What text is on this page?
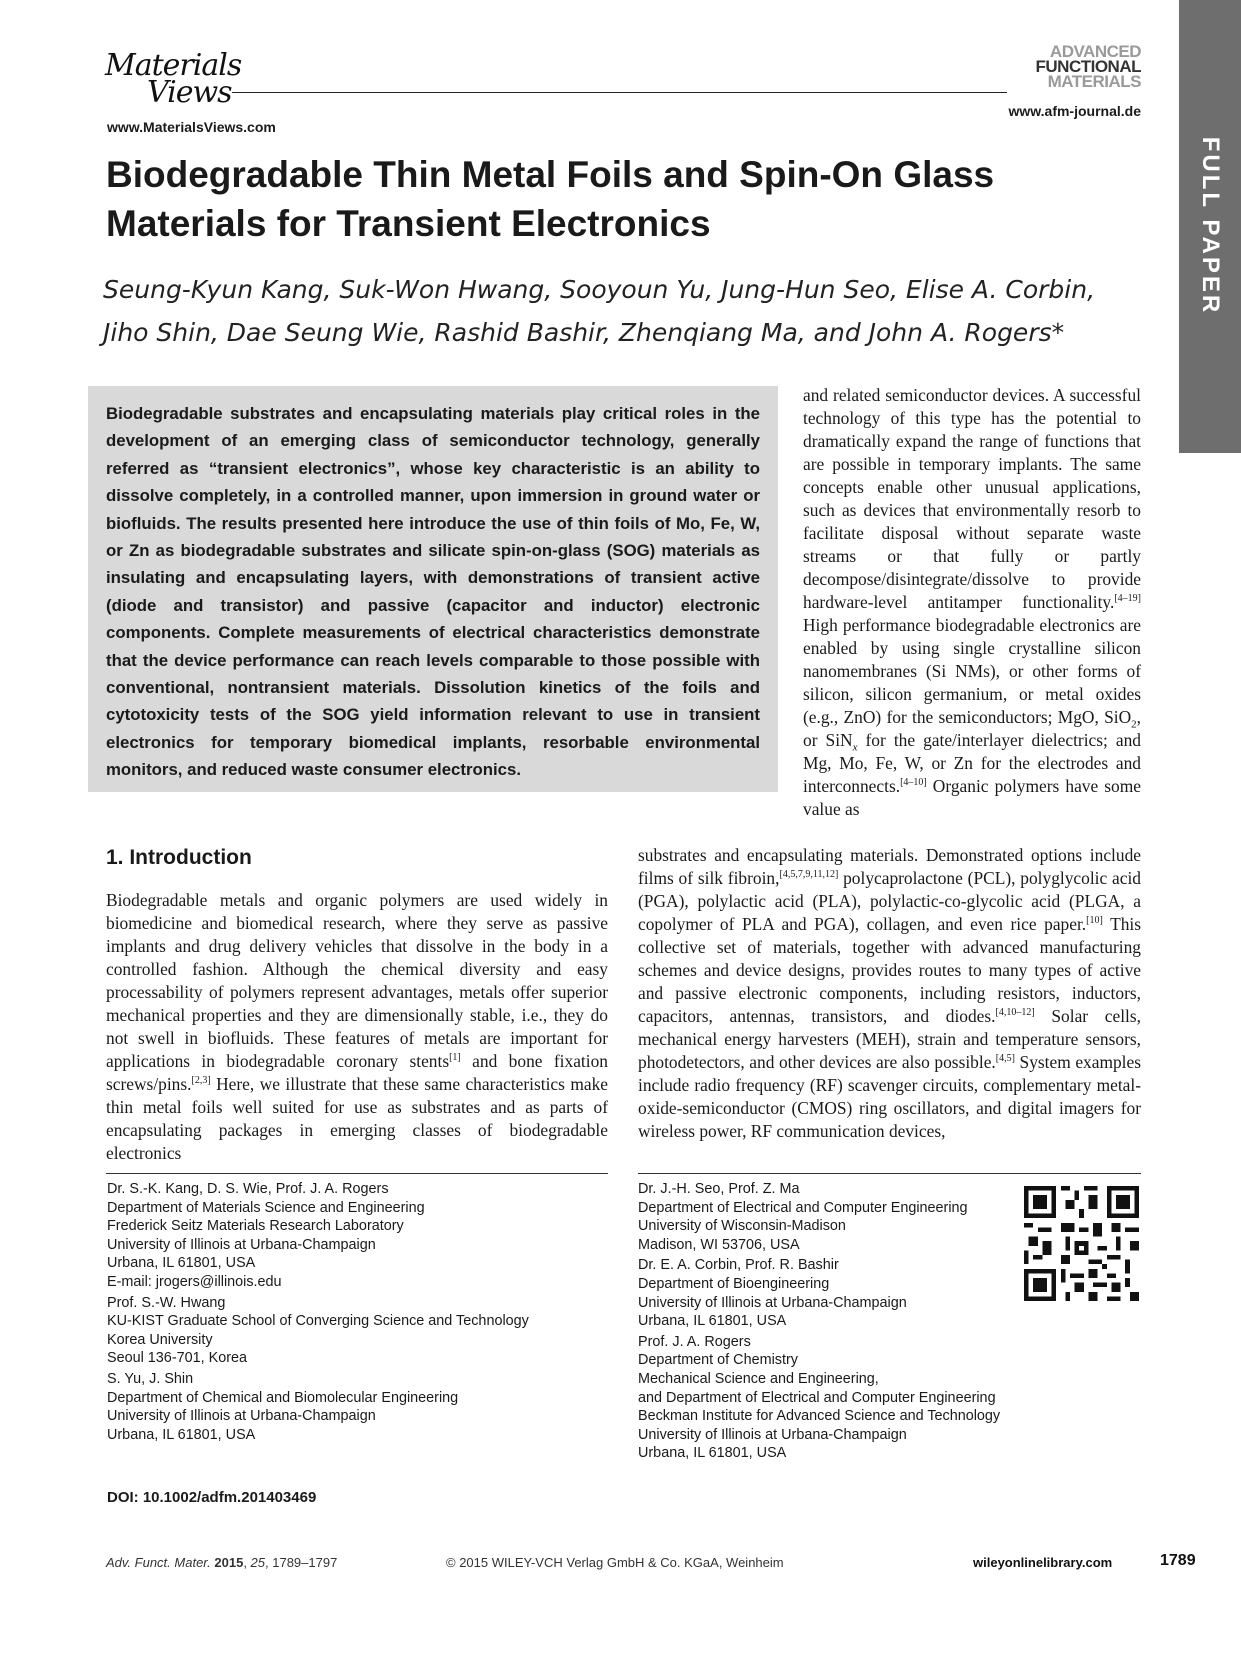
Materials
Views
www.MaterialsViews.com
ADVANCED
FUNCTIONAL
MATERIALS
www.afm-journal.de
FULL PAPER
Biodegradable Thin Metal Foils and Spin-On Glass Materials for Transient Electronics
Seung-Kyun Kang, Suk-Won Hwang, Sooyoun Yu, Jung-Hun Seo, Elise A. Corbin,
Jiho Shin, Dae Seung Wie, Rashid Bashir, Zhenqiang Ma, and John A. Rogers*
Biodegradable substrates and encapsulating materials play critical roles in the development of an emerging class of semiconductor technology, generally referred as “transient electronics”, whose key characteristic is an ability to dissolve completely, in a controlled manner, upon immersion in ground water or biofluids. The results presented here introduce the use of thin foils of Mo, Fe, W, or Zn as biodegradable substrates and silicate spin-on-glass (SOG) materials as insulating and encapsulating layers, with demonstrations of transient active (diode and transistor) and passive (capacitor and inductor) electronic components. Complete measurements of electrical characteristics demonstrate that the device performance can reach levels comparable to those possible with conventional, nontransient materials. Dissolution kinetics of the foils and cytotoxicity tests of the SOG yield information relevant to use in transient electronics for temporary biomedical implants, resorbable environmental monitors, and reduced waste consumer electronics.
and related semiconductor devices. A successful technology of this type has the potential to dramatically expand the range of functions that are possible in temporary implants. The same concepts enable other unusual applications, such as devices that environmentally resorb to facilitate disposal without separate waste streams or that fully or partly decompose/disintegrate/dissolve to provide hardware-level antitamper functionality.[4–19] High performance biodegradable electronics are enabled by using single crystalline silicon nanomembranes (Si NMs), or other forms of silicon, silicon germanium, or metal oxides (e.g., ZnO) for the semiconductors; MgO, SiO$_2$, or SiN$_x$ for the gate/interlayer dielectrics; and Mg, Mo, Fe, W, or Zn for the electrodes and interconnects.[4–10] Organic polymers have some value as
1. Introduction
Biodegradable metals and organic polymers are used widely in biomedicine and biomedical research, where they serve as passive implants and drug delivery vehicles that dissolve in the body in a controlled fashion. Although the chemical diversity and easy processability of polymers represent advantages, metals offer superior mechanical properties and they are dimensionally stable, i.e., they do not swell in biofluids. These features of metals are important for applications in biodegradable coronary stents[1] and bone fixation screws/pins.[2,3] Here, we illustrate that these same characteristics make thin metal foils well suited for use as substrates and as parts of encapsulating packages in emerging classes of biodegradable electronics
substrates and encapsulating materials. Demonstrated options include films of silk fibroin,[4,5,7,9,11,12] polycaprolactone (PCL), polyglycolic acid (PGA), polylactic acid (PLA), polylactic-co-glycolic acid (PLGA, a copolymer of PLA and PGA), collagen, and even rice paper.[10] This collective set of materials, together with advanced manufacturing schemes and device designs, provides routes to many types of active and passive electronic components, including resistors, inductors, capacitors, antennas, transistors, and diodes.[4,10–12] Solar cells, mechanical energy harvesters (MEH), strain and temperature sensors, photodetectors, and other devices are also possible.[4,5] System examples include radio frequency (RF) scavenger circuits, complementary metal-oxide-semiconductor (CMOS) ring oscillators, and digital imagers for wireless power, RF communication devices,
Dr. S.-K. Kang, D. S. Wie, Prof. J. A. Rogers
Department of Materials Science and Engineering
Frederick Seitz Materials Research Laboratory
University of Illinois at Urbana-Champaign
Urbana, IL 61801, USA
E-mail: jrogers@illinois.edu
Prof. S.-W. Hwang
KU-KIST Graduate School of Converging Science and Technology
Korea University
Seoul 136-701, Korea
S. Yu, J. Shin
Department of Chemical and Biomolecular Engineering
University of Illinois at Urbana-Champaign
Urbana, IL 61801, USA
Dr. J.-H. Seo, Prof. Z. Ma
Department of Electrical and Computer Engineering
University of Wisconsin-Madison
Madison, WI 53706, USA
Dr. E. A. Corbin, Prof. R. Bashir
Department of Bioengineering
University of Illinois at Urbana-Champaign
Urbana, IL 61801, USA
Prof. J. A. Rogers
Department of Chemistry
Mechanical Science and Engineering,
and Department of Electrical and Computer Engineering
Beckman Institute for Advanced Science and Technology
University of Illinois at Urbana-Champaign
Urbana, IL 61801, USA
DOI: 10.1002/adfm.201403469
Adv. Funct. Mater. 2015, 25, 1789–1797	© 2015 WILEY-VCH Verlag GmbH & Co. KGaA, Weinheim	wileyonlinelibrary.com	1789
